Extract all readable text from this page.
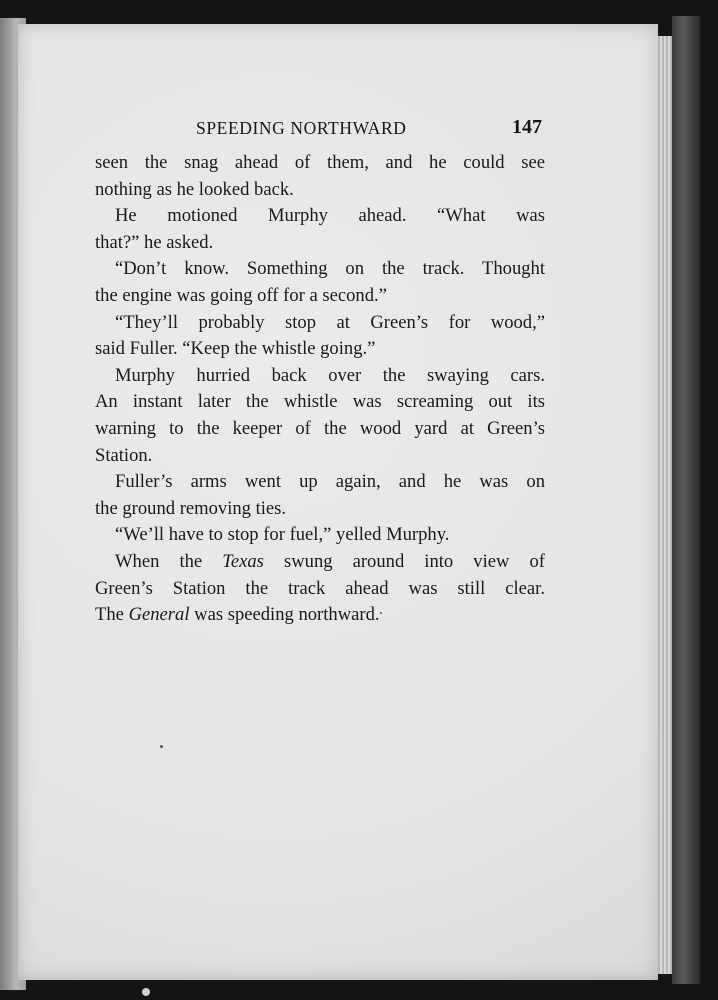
SPEEDING NORTHWARD	147
seen the snag ahead of them, and he could see
nothing as he looked back.
He motioned Murphy ahead. “What was
that?” he asked.
“Don’t know. Something on the track. Thought
the engine was going off for a second.”
“They’ll probably stop at Green’s for wood,”
said Fuller. “Keep the whistle going.”
Murphy hurried back over the swaying cars.
An instant later the whistle was screaming out its
warning to the keeper of the wood yard at Green’s
Station.
Fuller’s arms went up again, and he was on
the ground removing ties.
“We’ll have to stop for fuel,” yelled Murphy.
When the Texas swung around into view of
Green’s Station the track ahead was still clear.
The General was speeding northward.
